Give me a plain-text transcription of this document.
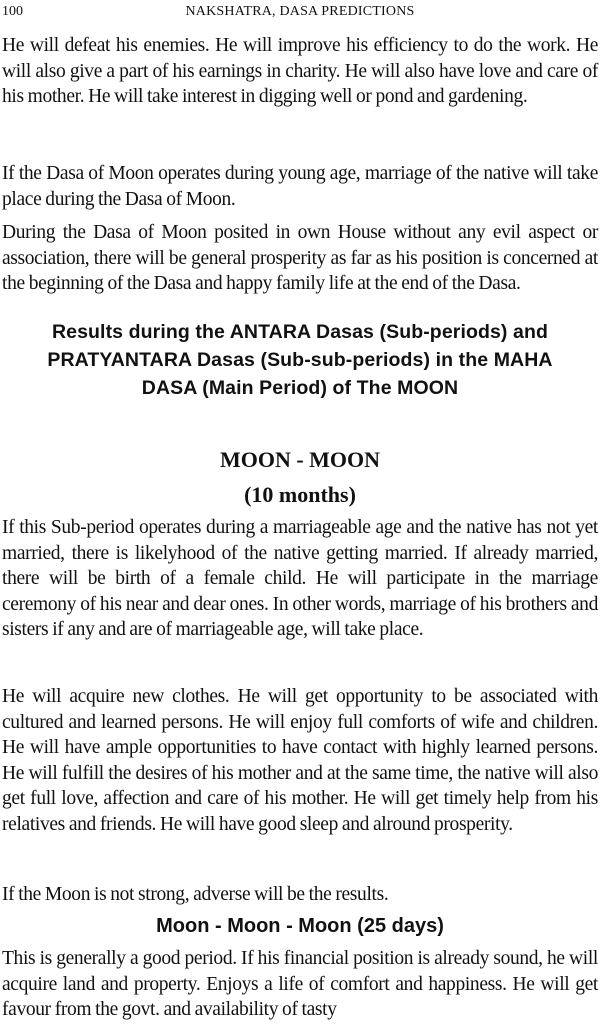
100	NAKSHATRA, DASA PREDICTIONS

He will defeat his enemies. He will improve his efficiency to do the work. He will also give a part of his earnings in charity. He will also have love and care of his mother. He will take interest in digging well or pond and gardening.

If the Dasa of Moon operates during young age, marriage of the native will take place during the Dasa of Moon.

During the Dasa of Moon posited in own House without any evil aspect or association, there will be general prosperity as far as his position is concerned at the beginning of the Dasa and happy family life at the end of the Dasa.

Results during the ANTARA Dasas (Sub-periods) and

PRATYANTARA Dasas (Sub-sub-periods) in the MAHA

DASA (Main Period) of The MOON

MOON - MOON

(10 months)

If this Sub-period operates during a marriageable age and the native has not yet married, there is likelyhood of the native getting married. If already married, there will be birth of a female child. He will participate in the marriage ceremony of his near and dear ones. In other words, marriage of his brothers and sisters if any and are of marriageable age, will take place.

He will acquire new clothes. He will get opportunity to be associated with cultured and learned persons. He will enjoy full comforts of wife and children. He will have ample opportunities to have contact with highly learned persons. He will fulfill the desires of his mother and at the same time, the native will also get full love, affection and care of his mother. He will get timely help from his relatives and friends. He will have good sleep and alround prosperity.

If the Moon is not strong, adverse will be the results.

Moon - Moon - Moon (25 days)

This is generally a good period. If his financial position is already sound, he will acquire land and property. Enjoys a life of comfort and happiness. He will get favour from the govt. and availability of tasty
